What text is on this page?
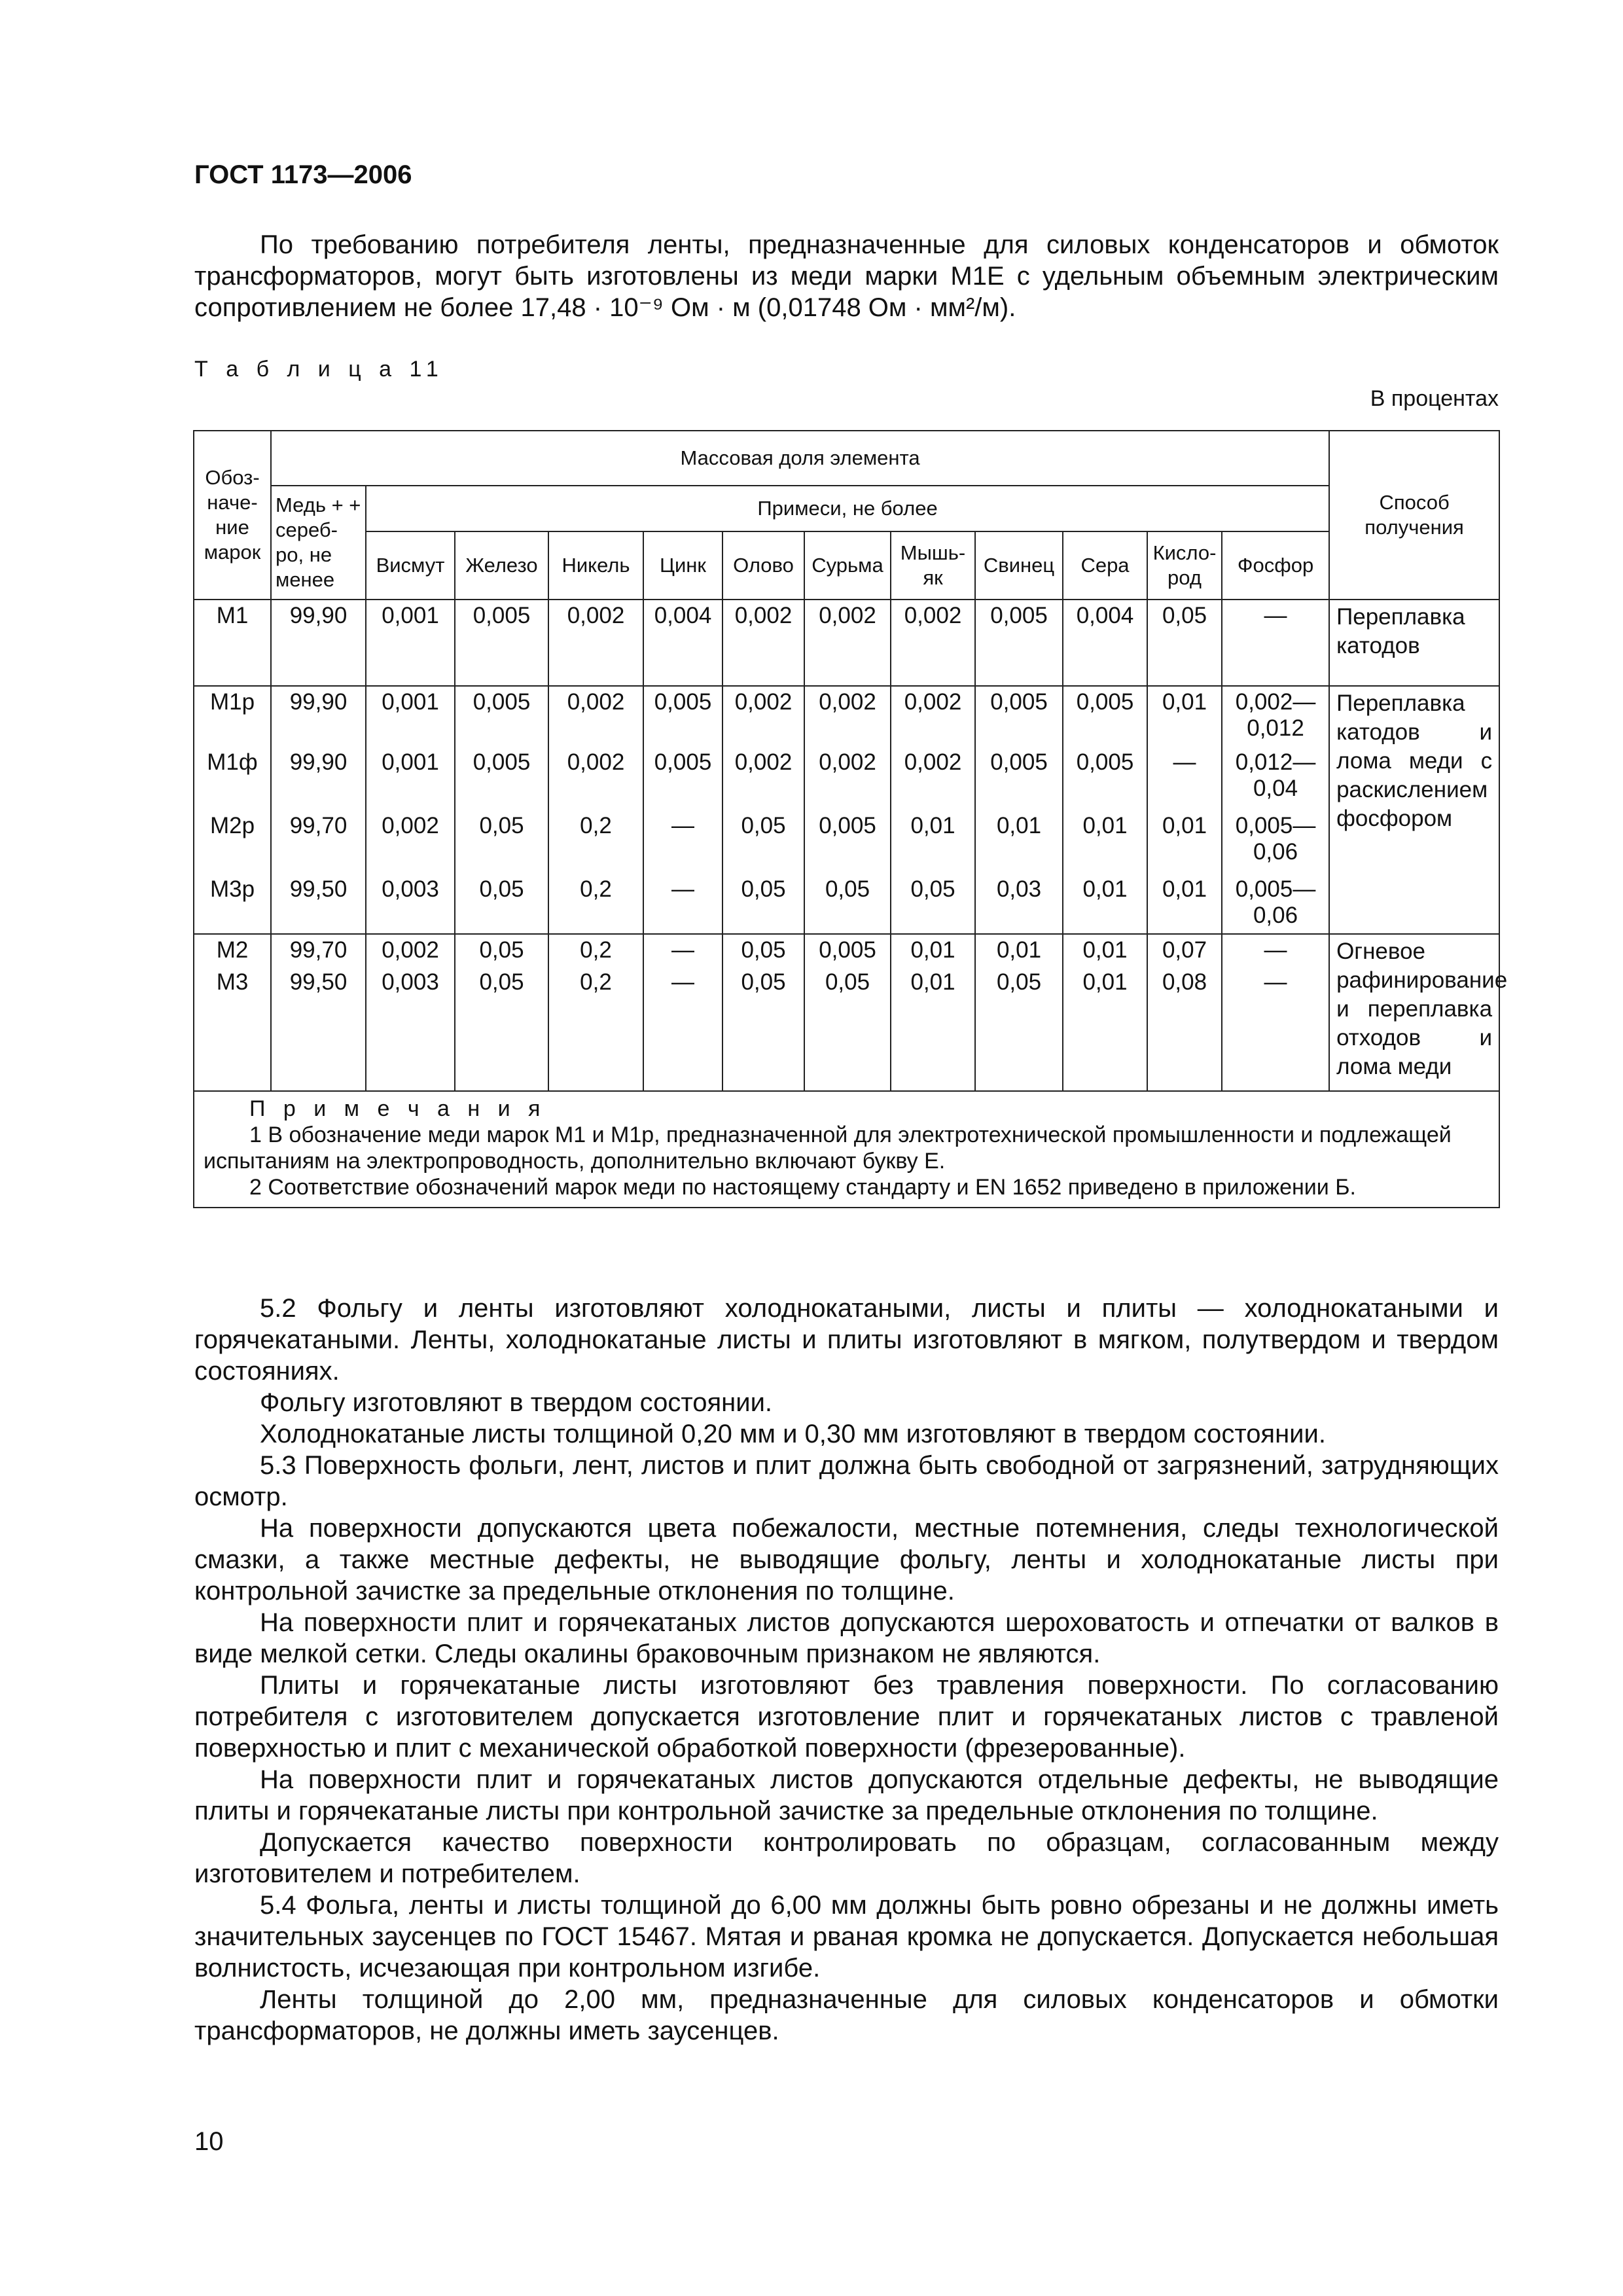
ГОСТ 1173—2006

По требованию потребителя ленты, предназначенные для силовых конденсаторов и обмоток трансформаторов, могут быть изготовлены из меди марки М1Е с удельным объемным электрическим сопротивлением не более 17,48 · 10⁻⁹ Ом · м (0,01748 Ом · мм²/м).

Т а б л и ц а 11
В процентах
Обоз-наче-ние марок	Массовая доля элемента												Способ получения
	Медь + + сереб-ро, не менее	Примеси, не более											
		Висмут	Железо	Никель	Цинк	Олово	Сурьма	Мышь-як	Свинец	Сера	Кисло-род	Фосфор	
М1	99,90	0,001	0,005	0,002	0,004	0,002	0,002	0,002	0,005	0,004	0,05	—	Переплавка катодов
М1р	99,90	0,001	0,005	0,002	0,005	0,002	0,002	0,002	0,005	0,005	0,01	0,002—0,012	Переплавка катодов и лома меди с раскислением фосфором
М1ф	99,90	0,001	0,005	0,002	0,005	0,002	0,002	0,002	0,005	0,005	—	0,012—0,04	
М2р	99,70	0,002	0,05	0,2	—	0,05	0,005	0,01	0,01	0,01	0,01	0,005—0,06	
М3р	99,50	0,003	0,05	0,2	—	0,05	0,05	0,05	0,03	0,01	0,01	0,005—0,06	
М2	99,70	0,002	0,05	0,2	—	0,05	0,005	0,01	0,01	0,01	0,07	—	Огневое рафинирование и переплавка отходов и лома меди
М3	99,50	0,003	0,05	0,2	—	0,05	0,05	0,01	0,05	0,01	0,08	—	

П р и м е ч а н и я
1 В обозначение меди марок М1 и М1р, предназначенной для электротехнической промышленности и подлежащей испытаниям на электропроводность, дополнительно включают букву Е.
2 Соответствие обозначений марок меди по настоящему стандарту и EN 1652 приведено в приложении Б.													
5.2 Фольгу и ленты изготовляют холоднокатаными, листы и плиты — холоднокатаными и горячекатаными. Ленты, холоднокатаные листы и плиты изготовляют в мягком, полутвердом и твердом состояниях.
Фольгу изготовляют в твердом состоянии.
Холоднокатаные листы толщиной 0,20 мм и 0,30 мм изготовляют в твердом состоянии.
5.3 Поверхность фольги, лент, листов и плит должна быть свободной от загрязнений, затрудняющих осмотр.
На поверхности допускаются цвета побежалости, местные потемнения, следы технологической смазки, а также местные дефекты, не выводящие фольгу, ленты и холоднокатаные листы при контрольной зачистке за предельные отклонения по толщине.
На поверхности плит и горячекатаных листов допускаются шероховатость и отпечатки от валков в виде мелкой сетки. Следы окалины браковочным признаком не являются.
Плиты и горячекатаные листы изготовляют без травления поверхности. По согласованию потребителя с изготовителем допускается изготовление плит и горячекатаных листов с травленой поверхностью и плит с механической обработкой поверхности (фрезерованные).
На поверхности плит и горячекатаных листов допускаются отдельные дефекты, не выводящие плиты и горячекатаные листы при контрольной зачистке за предельные отклонения по толщине.
Допускается качество поверхности контролировать по образцам, согласованным между изготовителем и потребителем.
5.4 Фольга, ленты и листы толщиной до 6,00 мм должны быть ровно обрезаны и не должны иметь значительных заусенцев по ГОСТ 15467. Мятая и рваная кромка не допускается. Допускается небольшая волнистость, исчезающая при контрольном изгибе.
Ленты толщиной до 2,00 мм, предназначенные для силовых конденсаторов и обмотки трансформаторов, не должны иметь заусенцев.
10
